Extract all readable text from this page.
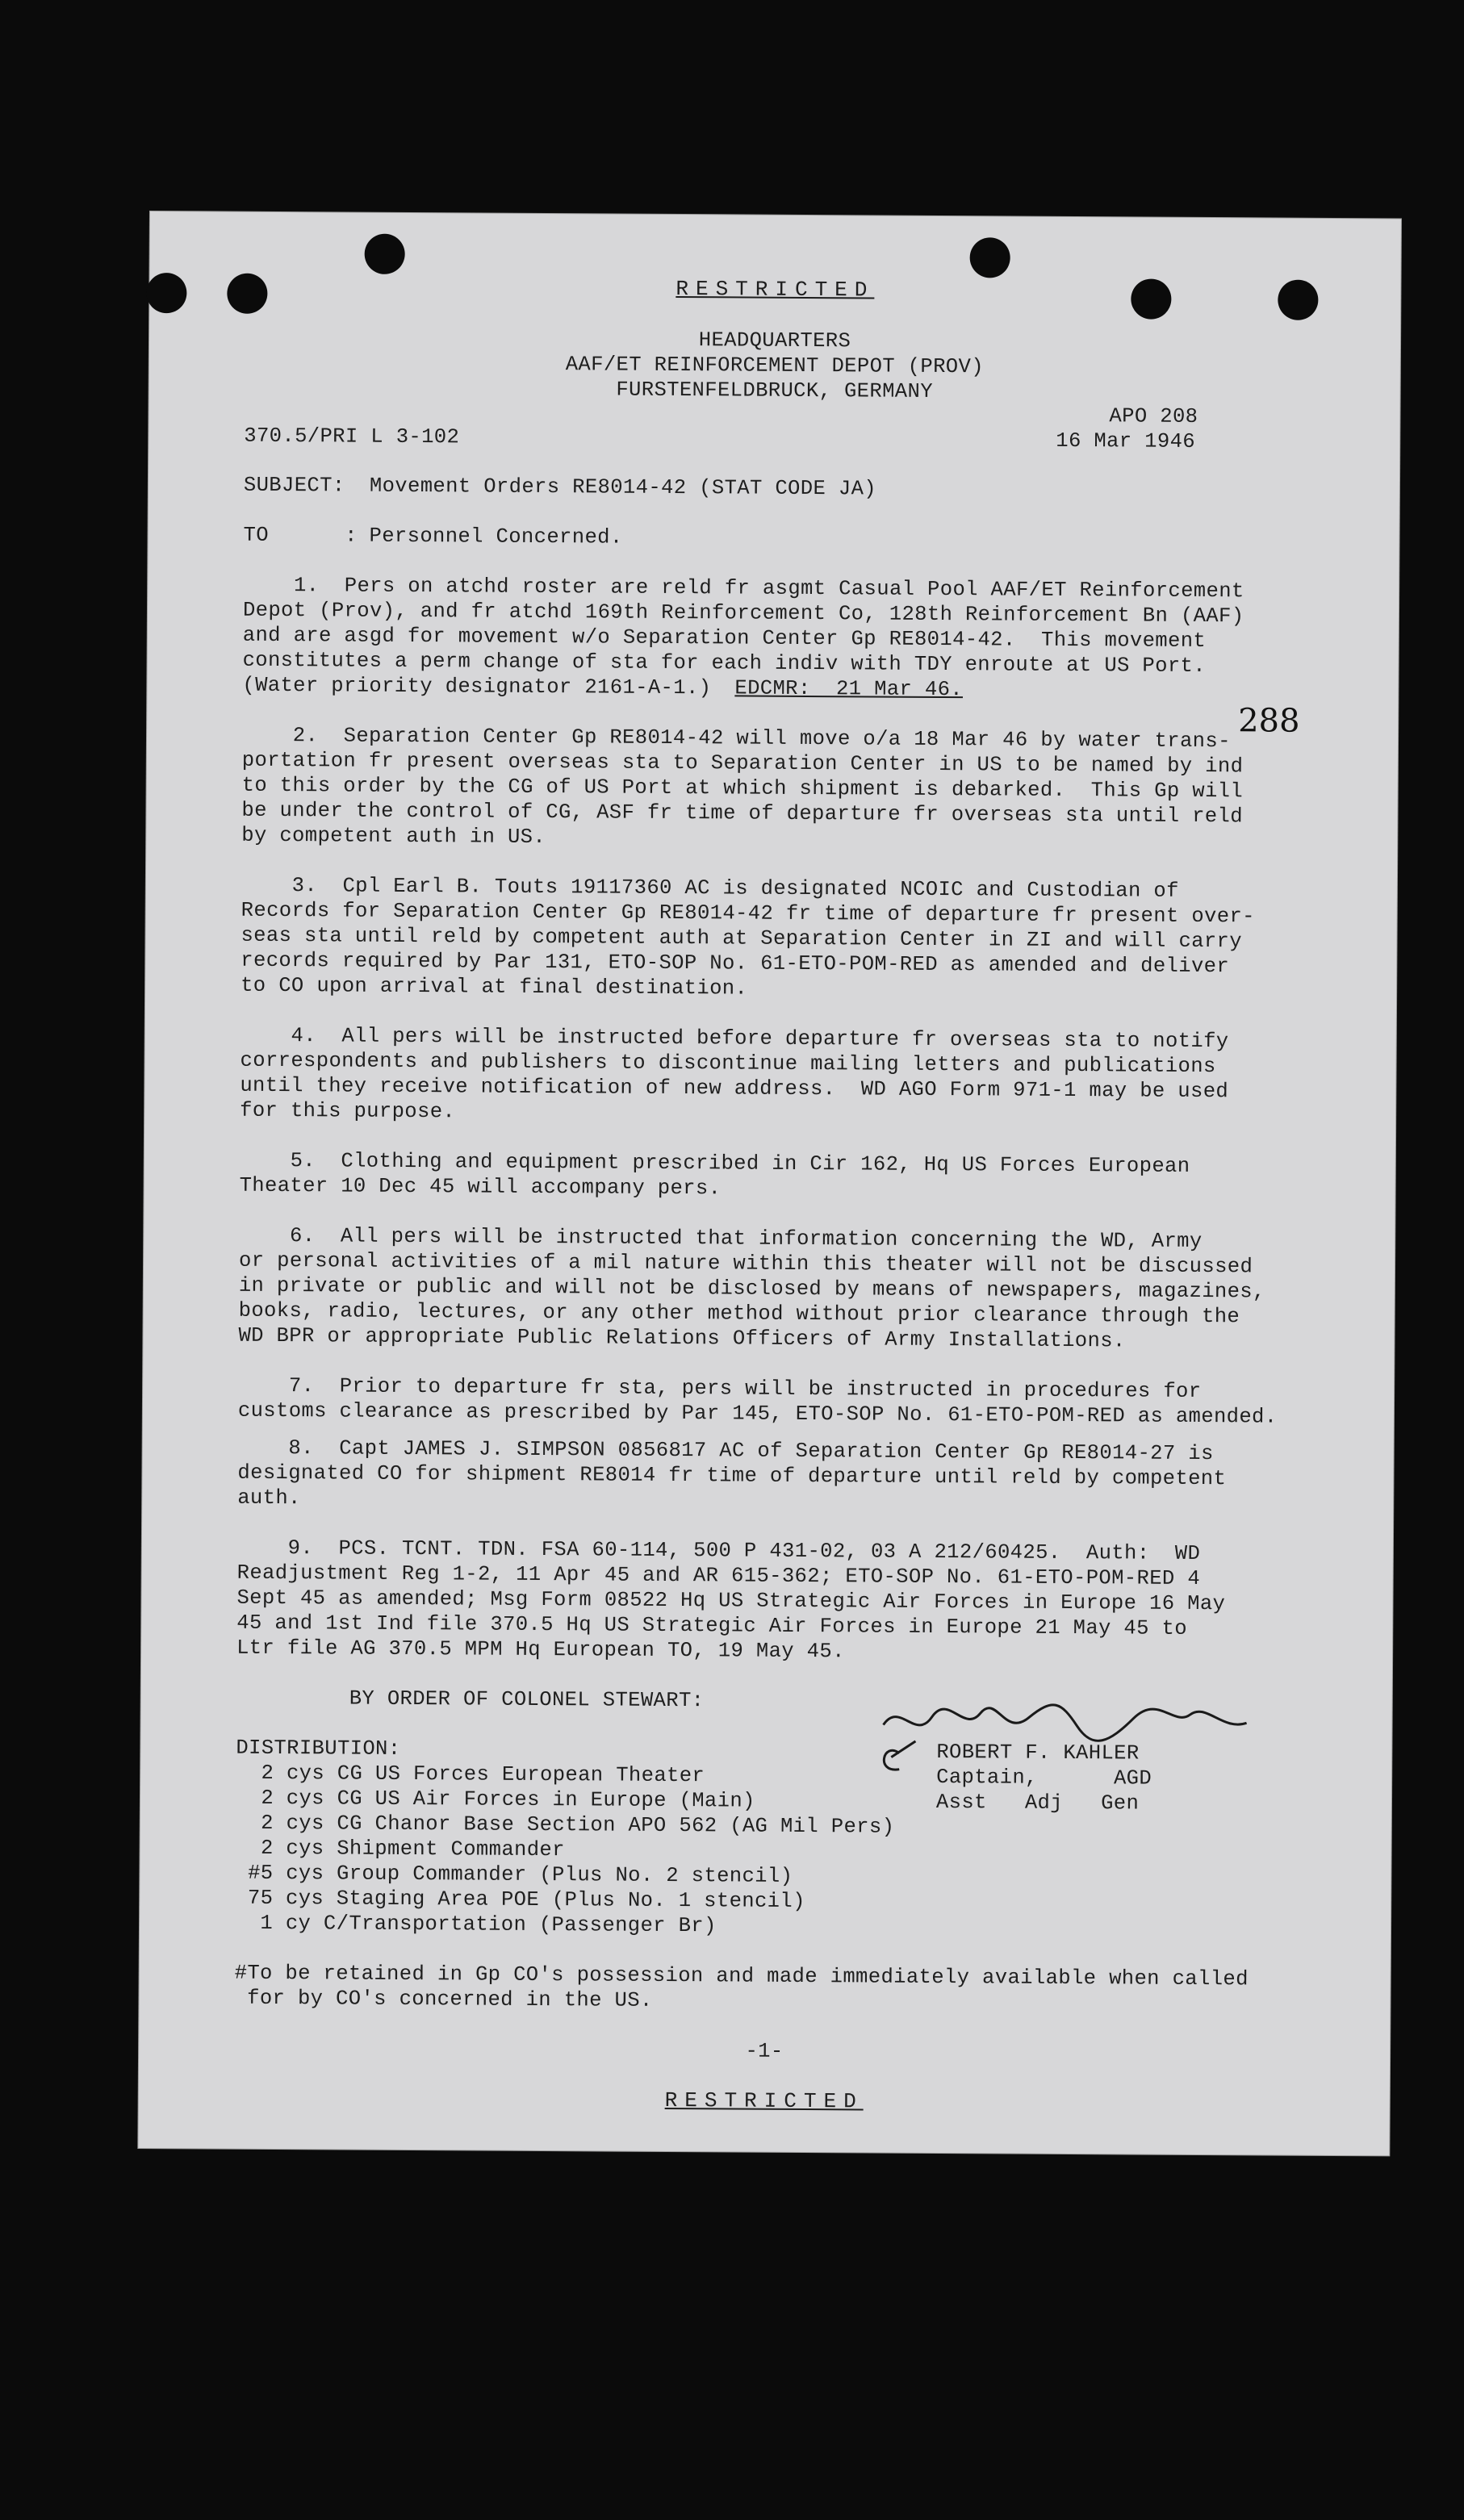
RESTRICTED
HEADQUARTERS
AAF/ET REINFORCEMENT DEPOT (PROV)
FURSTENFELDBRUCK, GERMANY
APO 208
370.5/PRI L 3-102	16 Mar 1946
SUBJECT: Movement Orders RE8014-42 (STAT CODE JA)
TO      : Personnel Concerned.
1.  Pers on atchd roster are reld fr asgmt Casual Pool AAF/ET Reinforcement
Depot (Prov), and fr atchd 169th Reinforcement Co, 128th Reinforcement Bn (AAF)
and are asgd for movement w/o Separation Center Gp RE8014-42.  This movement
constitutes a perm change of sta for each indiv with TDY enroute at US Port.
(Water priority designator 2161-A-1.)	EDCMR:  21 Mar 46.
288
2.  Separation Center Gp RE8014-42 will move o/a 18 Mar 46 by water trans-
portation fr present overseas sta to Separation Center in US to be named by ind
to this order by the CG of US Port at which shipment is debarked.  This Gp will
be under the control of CG, ASF fr time of departure fr overseas sta until reld
by competent auth in US.
3.  Cpl Earl B. Touts 19117360 AC is designated NCOIC and Custodian of
Records for Separation Center Gp RE8014-42 fr time of departure fr present over-
seas sta until reld by competent auth at Separation Center in ZI and will carry
records required by Par 131, ETO-SOP No. 61-ETO-POM-RED as amended and deliver
to CO upon arrival at final destination.
4.  All pers will be instructed before departure fr overseas sta to notify
correspondents and publishers to discontinue mailing letters and publications
until they receive notification of new address.  WD AGO Form 971-1 may be used
for this purpose.
5.  Clothing and equipment prescribed in Cir 162, Hq US Forces European
Theater 10 Dec 45 will accompany pers.
6.  All pers will be instructed that information concerning the WD, Army
or personal activities of a mil nature within this theater will not be discussed
in private or public and will not be disclosed by means of newspapers, magazines,
books, radio, lectures, or any other method without prior clearance through the
WD BPR or appropriate Public Relations Officers of Army Installations.
7.  Prior to departure fr sta, pers will be instructed in procedures for
customs clearance as prescribed by Par 145, ETO-SOP No. 61-ETO-POM-RED as amended.
8.  Capt JAMES J. SIMPSON 0856817 AC of Separation Center Gp RE8014-27 is
designated CO for shipment RE8014 fr time of departure until reld by competent
auth.
9.  PCS. TCNT. TDN. FSA 60-114, 500 P 431-02, 03 A 212/60425.  Auth:  WD
Readjustment Reg 1-2, 11 Apr 45 and AR 615-362; ETO-SOP No. 61-ETO-POM-RED 4
Sept 45 as amended; Msg Form 08522 Hq US Strategic Air Forces in Europe 16 May
45 and 1st Ind file 370.5 Hq US Strategic Air Forces in Europe 21 May 45 to
Ltr file AG 370.5 MPM Hq European TO, 19 May 45.
BY ORDER OF COLONEL STEWART:
DISTRIBUTION:	ROBERT F. KAHLER
Captain,      AGD
Asst   Adj   Gen
2 cys CG US Forces European Theater
2 cys CG US Air Forces in Europe (Main)
2 cys CG Chanor Base Section APO 562 (AG Mil Pers)
2 cys Shipment Commander
#5 cys Group Commander (Plus No. 2 stencil)
75 cys Staging Area POE (Plus No. 1 stencil)
1 cy C/Transportation (Passenger Br)
#To be retained in Gp CO's possession and made immediately available when called
for by CO's concerned in the US.
-1-
RESTRICTED
